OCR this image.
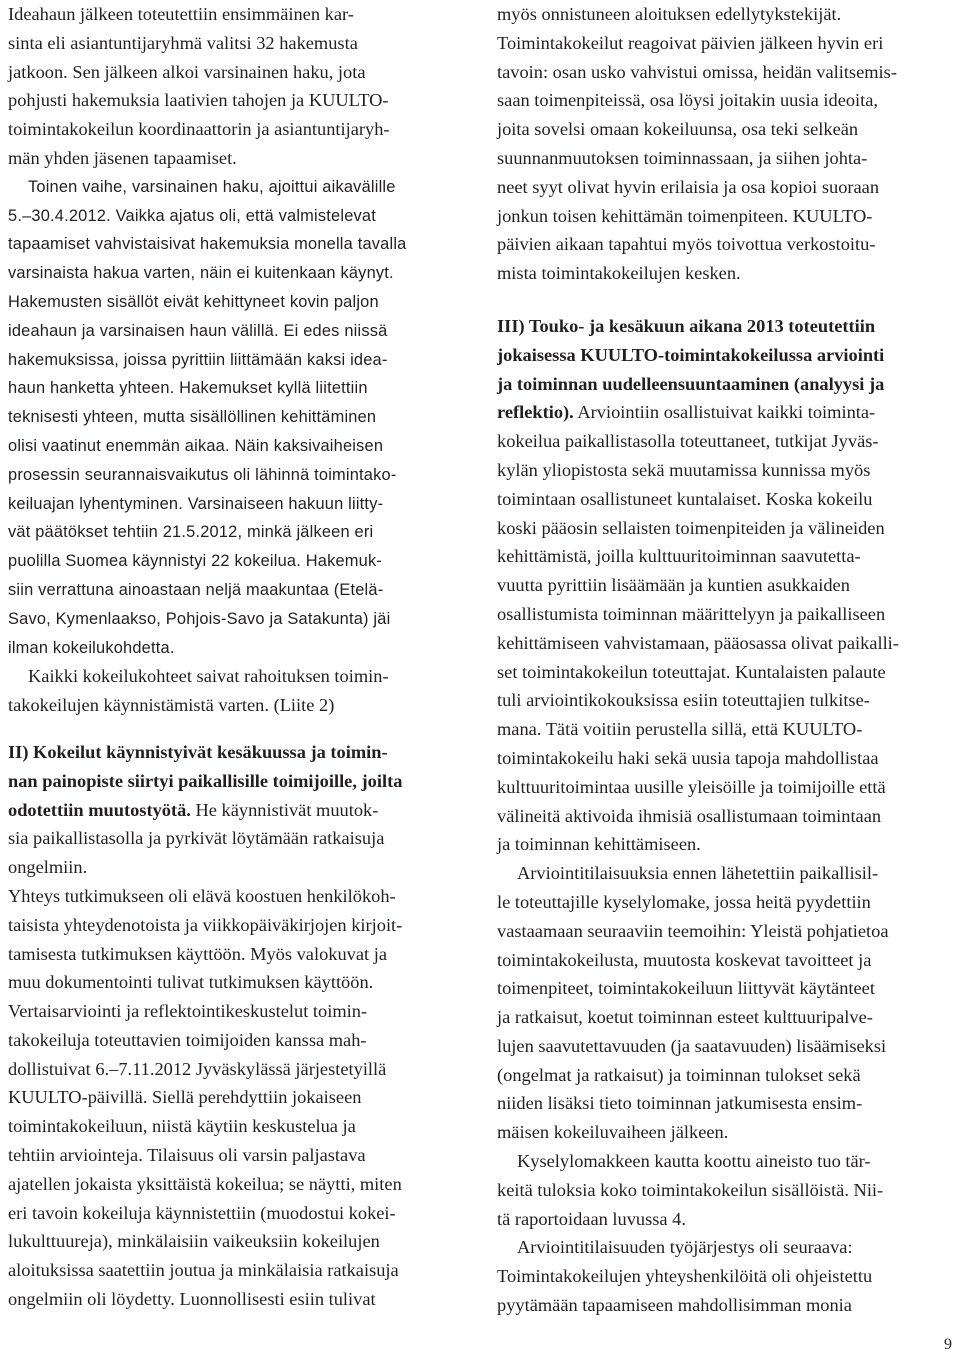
Ideahaun jälkeen toteutettiin ensimmäinen kar-
sinta eli asiantuntijaryhmä valitsi 32 hakemusta
jatkoon. Sen jälkeen alkoi varsinainen haku, jota
pohjusti hakemuksia laativien tahojen ja KUULTO-
toimintakokeilun koordinaattorin ja asiantuntijaryh-
män yhden jäsenen tapaamiset.

Toinen vaihe, varsinainen haku, ajoittui aikavälille

5.–30.4.2012. Vaikka ajatus oli, että valmistelevat
tapaamiset vahvistaisivat hakemuksia monella tavalla
varsinaista hakua varten, näin ei kuitenkaan käynyt.
Hakemusten sisällöt eivät kehittyneet kovin paljon
ideahaun ja varsinaisen haun välillä. Ei edes niissä
hakemuksissa, joissa pyrittiin liittämään kaksi idea-
haun hanketta yhteen. Hakemukset kyllä liitettiin
teknisesti yhteen, mutta sisällöllinen kehittäminen
olisi vaatinut enemmän aikaa. Näin kaksivaiheisen
prosessin seurannaisvaikutus oli lähinnä toimintako-
keiluajan lyhentyminen. Varsinaiseen hakuun liitty-
vät päätökset tehtiin 21.5.2012, minkä jälkeen eri
puolilla Suomea käynnistyi 22 kokeilua. Hakemuk-
siin verrattuna ainoastaan neljä maakuntaa (Etelä-
Savo, Kymenlaakso, Pohjois-Savo ja Satakunta) jäi
ilman kokeilukohdetta.

Kaikki kokeilukohteet saivat rahoituksen toimin-
takokeilujen käynnistämistä varten. (Liite 2)

II) Kokeilut käynnistyivät kesäkuussa ja toimin-
nan painopiste siirtyi paikallisille toimijoille, joilta
odotettiin muutostyötä. He käynnistivät muutok-
sia paikallistasolla ja pyrkivät löytämään ratkaisuja
ongelmiin.

Yhteys tutkimukseen oli elävä koostuen henkilökoh-
taisista yhteydenotoista ja viikkopäiväkirjojen kirjoit-
tamisesta tutkimuksen käyttöön. Myös valokuvat ja
muu dokumentointi tulivat tutkimuksen käyttöön.
Vertaisarviointi ja reflektointikeskustelut toimin-
takokeiluja toteuttavien toimijoiden kanssa mah-
dollistuivat 6.–7.11.2012 Jyväskylässä järjestetyillä
KUULTO-päivillä. Siellä perehdyttiin jokaiseen
toimintakokeiluun, niistä käytiin keskustelua ja
tehtiin arviointeja. Tilaisuus oli varsin paljastava
ajatellen jokaista yksittäistä kokeilua; se näytti, miten
eri tavoin kokeiluja käynnistettiin (muodostui kokei-
lukulttuureja), minkälaisiin vaikeuksiin kokeilujen
aloituksissa saatettiin joutua ja minkälaisia ratkaisuja
ongelmiin oli löydetty. Luonnollisesti esiin tulivat

myös onnistuneen aloituksen edellytykstekijät.
Toimintakokeilut reagoivat päivien jälkeen hyvin eri
tavoin: osan usko vahvistui omissa, heidän valitsemis-
saan toimenpiteissä, osa löysi joitakin uusia ideoita,
joita sovelsi omaan kokeiluunsa, osa teki selkeän
suunnanmuutoksen toiminnassaan, ja siihen johta-
neet syyt olivat hyvin erilaisia ja osa kopioi suoraan
jonkun toisen kehittämän toimenpiteen. KUULTO-
päivien aikaan tapahtui myös toivottua verkostoitu-
mista toimintakokeilujen kesken.

III) Touko- ja kesäkuun aikana 2013 toteutettiin
jokaisessa KUULTO-toimintakokeilussa arviointi
ja toiminnan uudelleensuuntaaminen (analyysi ja
reflektio). Arviointiin osallistuivat kaikki toiminta-
kokeilua paikallistasolla toteuttaneet, tutkijat Jyväs-
kylän yliopistosta sekä muutamissa kunnissa myös
toimintaan osallistuneet kuntalaiset. Koska kokeilu
koski pääosin sellaisten toimenpiteiden ja välineiden
kehittämistä, joilla kulttuuritoiminnan saavutetta-
vuutta pyrittiin lisäämään ja kuntien asukkaiden
osallistumista toiminnan määrittelyyn ja paikalliseen
kehittämiseen vahvistamaan, pääosassa olivat paikalli-
set toimintakokeilun toteuttajat. Kuntalaisten palaute
tuli arviointikokouksissa esiin toteuttajien tulkitse-
mana. Tätä voitiin perustella sillä, että KUULTO-
toimintakokeilu haki sekä uusia tapoja mahdollistaa
kulttuuritoimintaa uusille yleisöille ja toimijoille että
välineitä aktivoida ihmisiä osallistumaan toimintaan
ja toiminnan kehittämiseen.

Arviointitilaisuuksia ennen lähetettiin paikallisil-

le toteuttajille kyselylomake, jossa heitä pyydettiin
vastaamaan seuraaviin teemoihin: Yleistä pohjatietoa
toimintakokeilusta, muutosta koskevat tavoitteet ja
toimenpiteet, toimintakokeiluun liittyvät käytänteet
ja ratkaisut, koetut toiminnan esteet kulttuuripalve-
lujen saavutettavuuden (ja saatavuuden) lisäämiseksi
(ongelmat ja ratkaisut) ja toiminnan tulokset sekä
niiden lisäksi tieto toiminnan jatkumisesta ensim-
mäisen kokeiluvaiheen jälkeen.

Kyselylomakkeen kautta koottu aineisto tuo tär-

keitä tuloksia koko toimintakokeilun sisällöistä. Nii-
tä raportoidaan luvussa 4.

Arviointitilaisuuden työjärjestys oli seuraava:

Toimintakokeilujen yhteyshenkilöitä oli ohjeistettu
pyytämään tapaamiseen mahdollisimman monia

9
